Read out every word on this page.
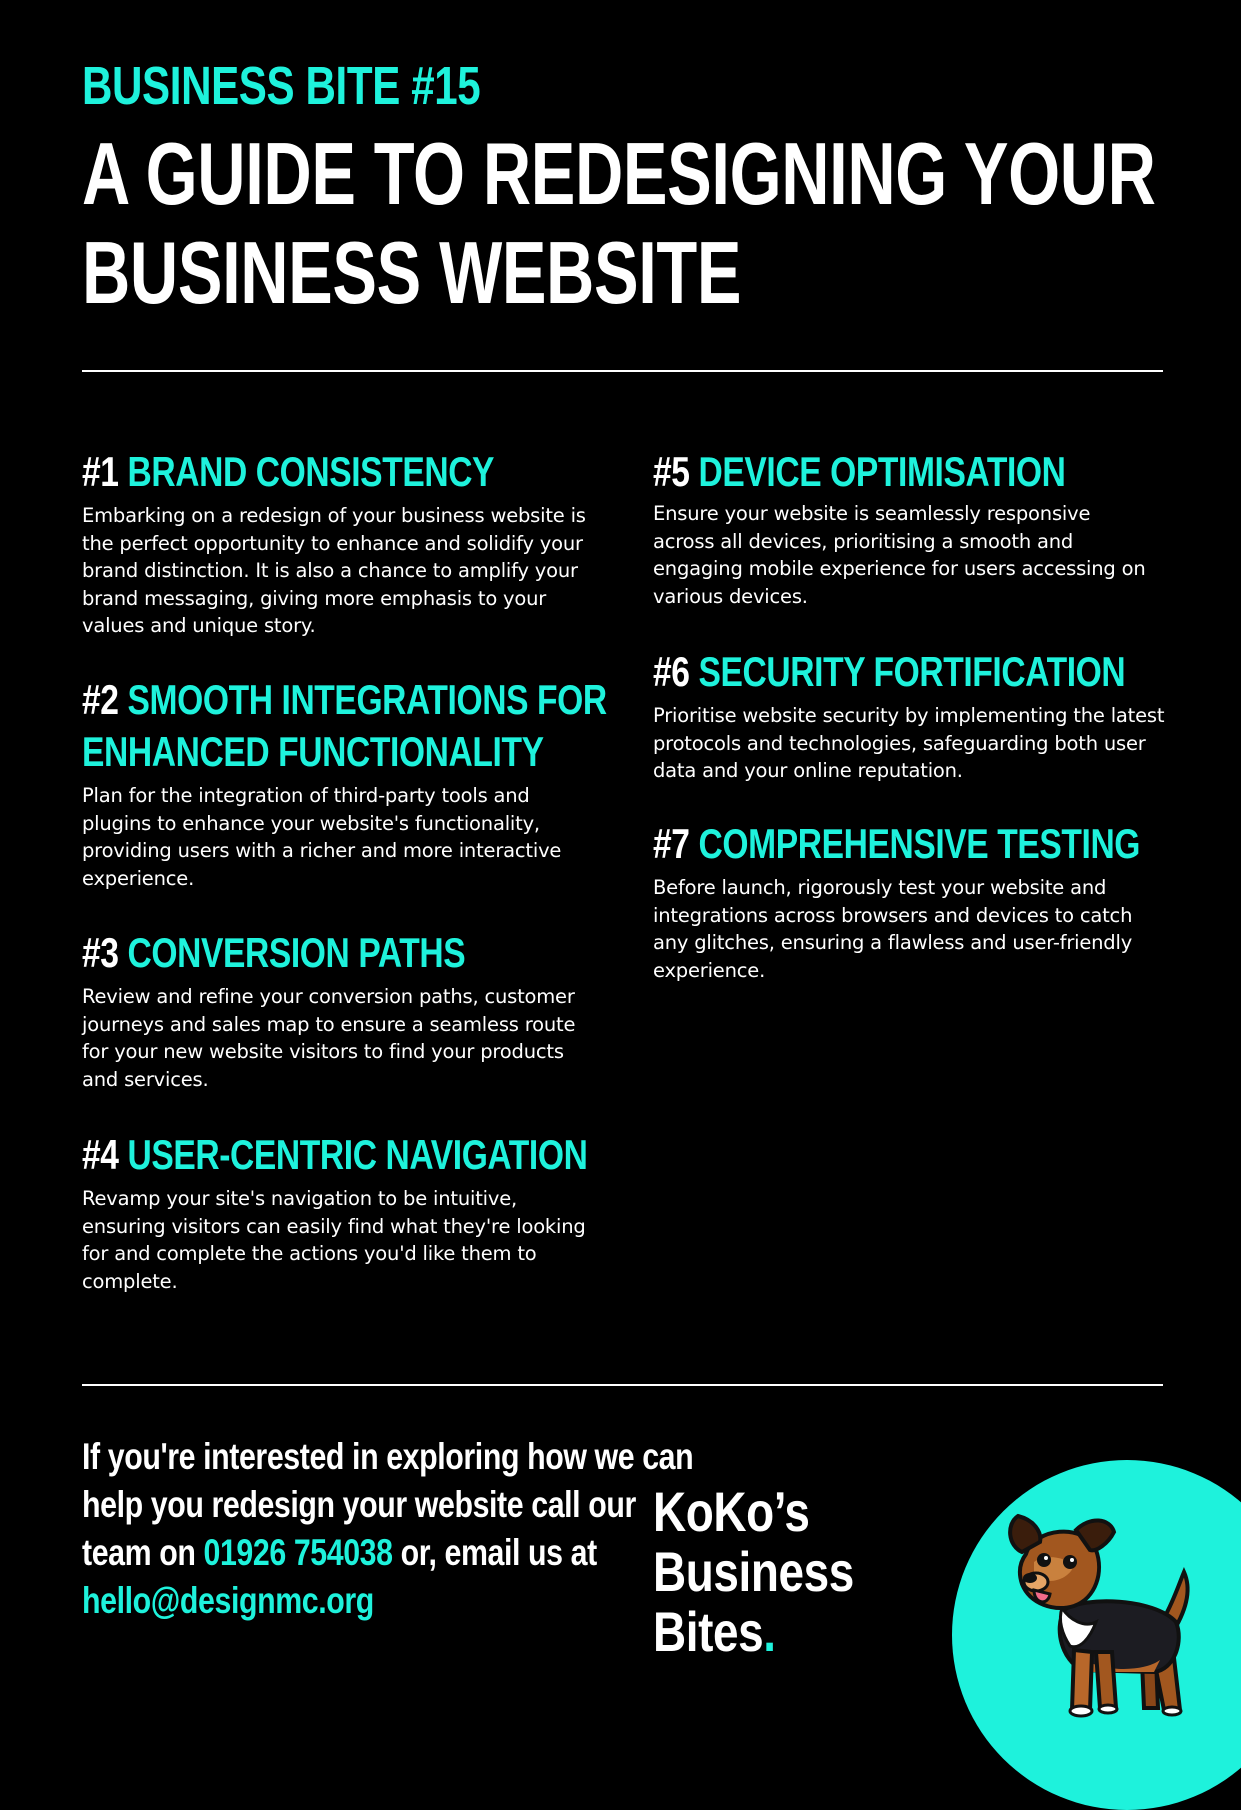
BUSINESS BITE #15
A GUIDE TO REDESIGNING YOUR
BUSINESS WEBSITE
#1 BRAND CONSISTENCY
Embarking on a redesign of your business website is the perfect opportunity to enhance and solidify your brand distinction. It is also a chance to amplify your brand messaging, giving more emphasis to your values and unique story.
#2 SMOOTH INTEGRATIONS FOR
ENHANCED FUNCTIONALITY
Plan for the integration of third-party tools and plugins to enhance your website's functionality, providing users with a richer and more interactive experience.
#3 CONVERSION PATHS
Review and refine your conversion paths, customer journeys and sales map to ensure a seamless route for your new website visitors to find your products and services.
#4 USER-CENTRIC NAVIGATION
Revamp your site's navigation to be intuitive, ensuring visitors can easily find what they're looking for and complete the actions you'd like them to complete.
#5 DEVICE OPTIMISATION
Ensure your website is seamlessly responsive across all devices, prioritising a smooth and engaging mobile experience for users accessing on various devices.
#6 SECURITY FORTIFICATION
Prioritise website security by implementing the latest protocols and technologies, safeguarding both user data and your online reputation.
#7 COMPREHENSIVE TESTING
Before launch, rigorously test your website and integrations across browsers and devices to catch any glitches, ensuring a flawless and user-friendly experience.
If you're interested in exploring how we can
help you redesign your website call our
team on 01926 754038 or, email us at
hello@designmc.org
KoKo’s
Business
Bites.
